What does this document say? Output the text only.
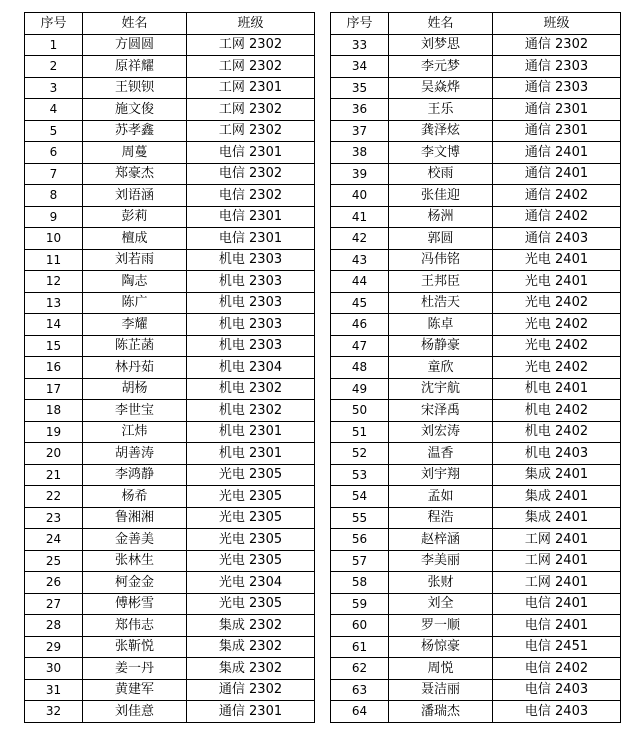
序号	姓名	班级
1	方圆圆	工网 2302
2	原祥耀	工网 2302
3	王钡钡	工网 2301
4	施文俊	工网 2302
5	苏孝鑫	工网 2302
6	周蔓	电信 2301
7	郑豪杰	电信 2302
8	刘语涵	电信 2302
9	彭莉	电信 2301
10	檀成	电信 2301
11	刘若雨	机电 2303
12	陶志	机电 2303
13	陈广	机电 2303
14	李耀	机电 2303
15	陈芷菡	机电 2303
16	林丹茹	机电 2304
17	胡杨	机电 2302
18	李世宝	机电 2302
19	江炜	机电 2301
20	胡善涛	机电 2301
21	李鸿静	光电 2305
22	杨希	光电 2305
23	鲁湘湘	光电 2305
24	金善美	光电 2305
25	张林生	光电 2305
26	柯金金	光电 2304
27	傅彬雪	光电 2305
28	郑伟志	集成 2302
29	张靳悦	集成 2302
30	姜一丹	集成 2302
31	黄建军	通信 2302
32	刘佳意	通信 2301
序号	姓名	班级
33	刘梦思	通信 2302
34	李元梦	通信 2303
35	吴焱烨	通信 2303
36	王乐	通信 2301
37	龚泽炫	通信 2301
38	李文博	通信 2401
39	校雨	通信 2401
40	张佳迎	通信 2402
41	杨洲	通信 2402
42	郭圆	通信 2403
43	冯伟铭	光电 2401
44	王邦臣	光电 2401
45	杜浩天	光电 2402
46	陈卓	光电 2402
47	杨静豪	光电 2402
48	童欣	光电 2402
49	沈宇航	机电 2401
50	宋泽禹	机电 2402
51	刘宏涛	机电 2402
52	温香	机电 2403
53	刘宇翔	集成 2401
54	孟如	集成 2401
55	程浩	集成 2401
56	赵梓涵	工网 2401
57	李美丽	工网 2401
58	张财	工网 2401
59	刘全	电信 2401
60	罗一顺	电信 2401
61	杨惊豪	电信 2451
62	周悦	电信 2402
63	聂洁丽	电信 2403
64	潘瑞杰	电信 2403
